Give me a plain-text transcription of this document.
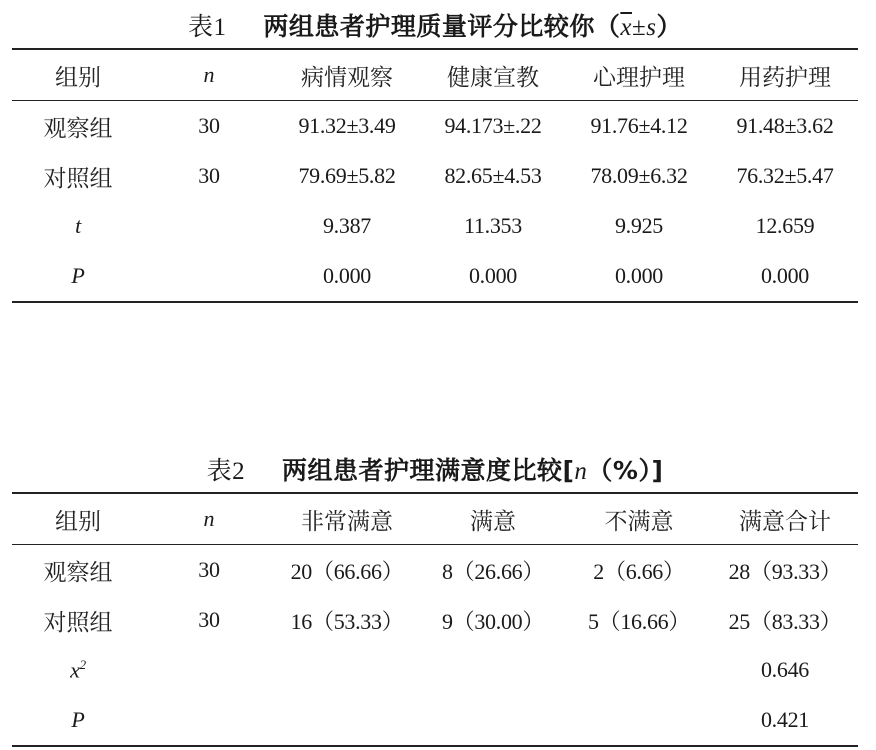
表1 两组患者护理质量评分比较你$(\overline{x}\pm s)$
组别	n	病情观察	健康宣教	心理护理	用药护理
观察组	30	91.32±3.49	94.173±.22	91.76±4.12	91.48±3.62
对照组	30	79.69±5.82	82.65±4.53	78.09±6.32	76.32±5.47
t		9.387	11.353	9.925	12.659
P		0.000	0.000	0.000	0.000
表2 两组患者护理满意度比较[n（%）]
组别	n	非常满意	满意	不满意	满意合计
观察组	30	20（66.66）	8（26.66）	2（6.66）	28（93.33）
对照组	30	16（53.33）	9（30.00）	5（16.66）	25（83.33）
$x^2$					0.646
P					0.421
